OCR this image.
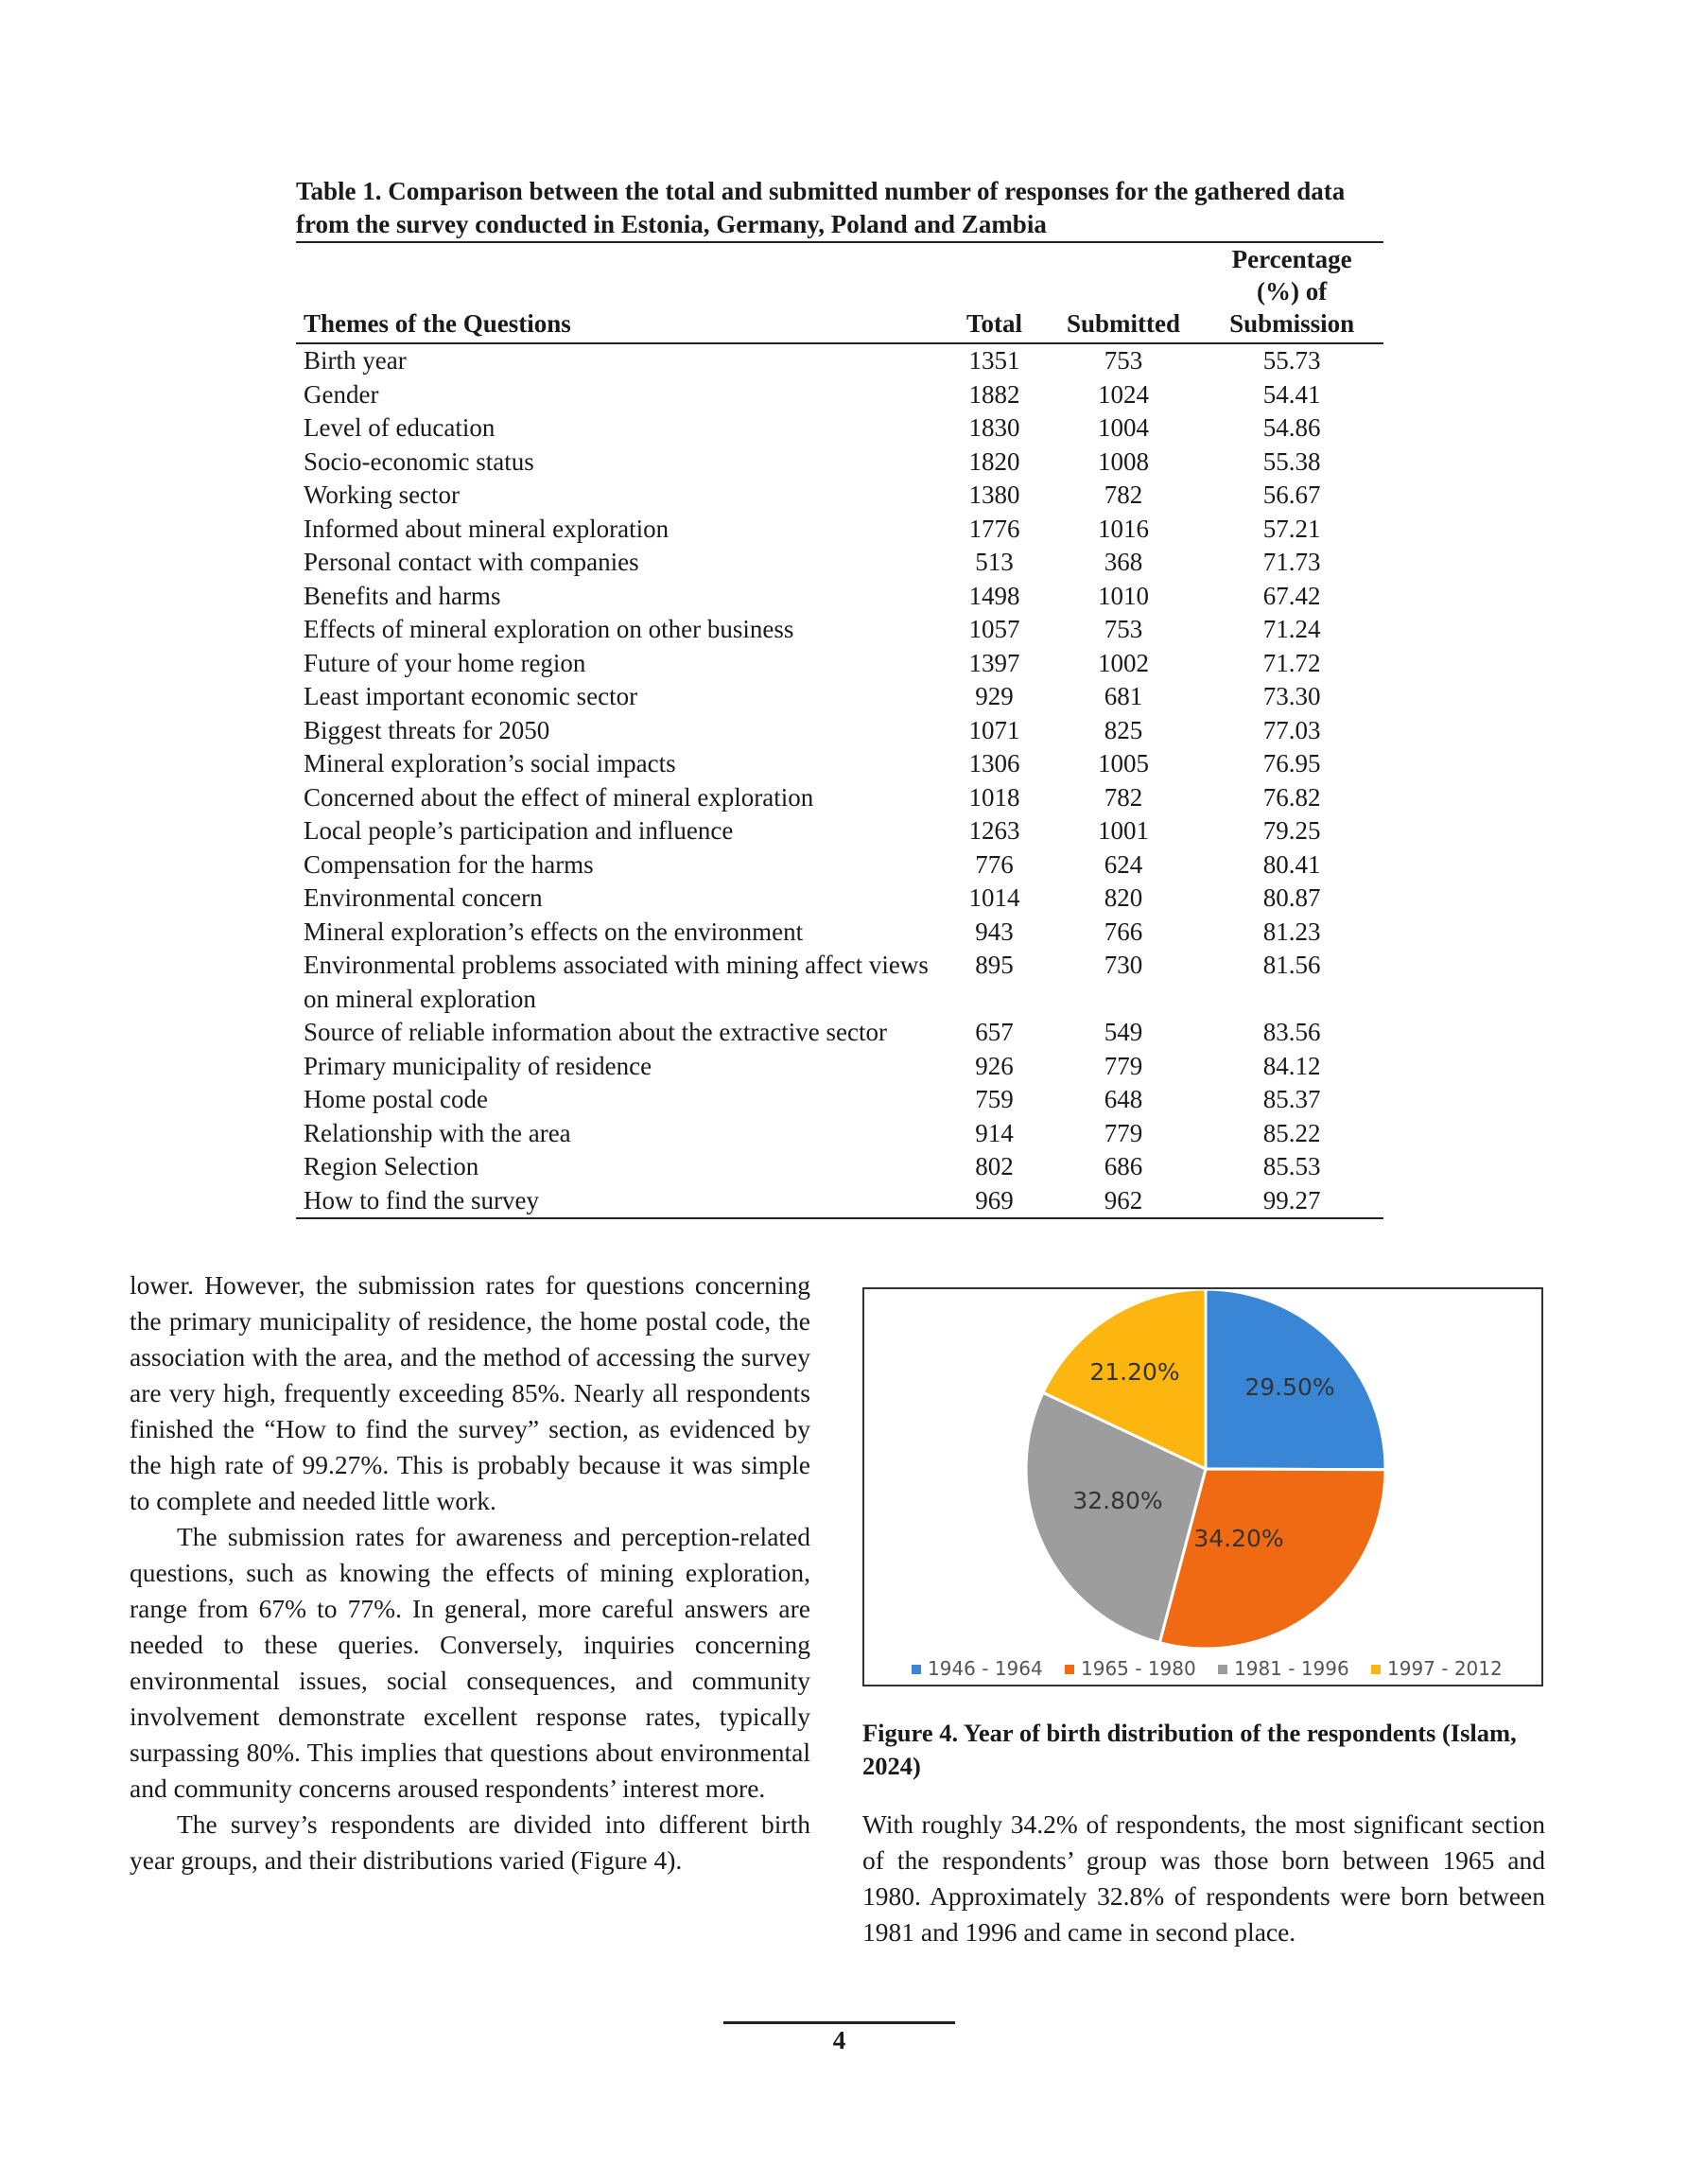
Table 1. Comparison between the total and submitted number of responses for the gathered data from the survey conducted in Estonia, Germany, Poland and Zambia
Themes of the Questions	Total	Submitted	Percentage
(%) of
Submission

Birth year	1351	753	55.73
Gender	1882	1024	54.41
Level of education	1830	1004	54.86
Socio-economic status	1820	1008	55.38
Working sector	1380	782	56.67
Informed about mineral exploration	1776	1016	57.21
Personal contact with companies	513	368	71.73
Benefits and harms	1498	1010	67.42
Effects of mineral exploration on other business	1057	753	71.24
Future of your home region	1397	1002	71.72
Least important economic sector	929	681	73.30
Biggest threats for 2050	1071	825	77.03
Mineral exploration’s social impacts	1306	1005	76.95
Concerned about the effect of mineral exploration	1018	782	76.82
Local people’s participation and influence	1263	1001	79.25
Compensation for the harms	776	624	80.41
Environmental concern	1014	820	80.87
Mineral exploration’s effects on the environment	943	766	81.23
Environmental problems associated with mining affect views on mineral exploration	895	730	81.56
Source of reliable information about the extractive sector	657	549	83.56
Primary municipality of residence	926	779	84.12
Home postal code	759	648	85.37
Relationship with the area	914	779	85.22
Region Selection	802	686	85.53
How to find the survey	969	962	99.27

lower. However, the submission rates for questions concerning the primary municipality of residence, the home postal code, the association with the area, and the method of accessing the survey are very high, frequently exceeding 85%. Nearly all respondents finished the “How to find the survey” section, as evidenced by the high rate of 99.27%. This is probably because it was simple to complete and needed little work.

The submission rates for awareness and perception-related questions, such as knowing the effects of mining exploration, range from 67% to 77%. In general, more careful answers are needed to these queries. Conversely, inquiries concerning environmental issues, social consequences, and community involvement demonstrate excellent response rates, typically surpassing 80%. This implies that questions about environmental and community concerns aroused respondents’ interest more.

The survey’s respondents are divided into different birth year groups, and their distributions varied (Figure 4).

29.50%
34.20%
32.80%
21.20%
1946 - 1964 1965 - 1980 1981 - 1996 1997 - 2012
Figure 4. Year of birth distribution of the respondents (Islam, 2024)

With roughly 34.2% of respondents, the most significant section of the respondents’ group was those born between 1965 and 1980. Approximately 32.8% of respondents were born between 1981 and 1996 and came in second place.

4
